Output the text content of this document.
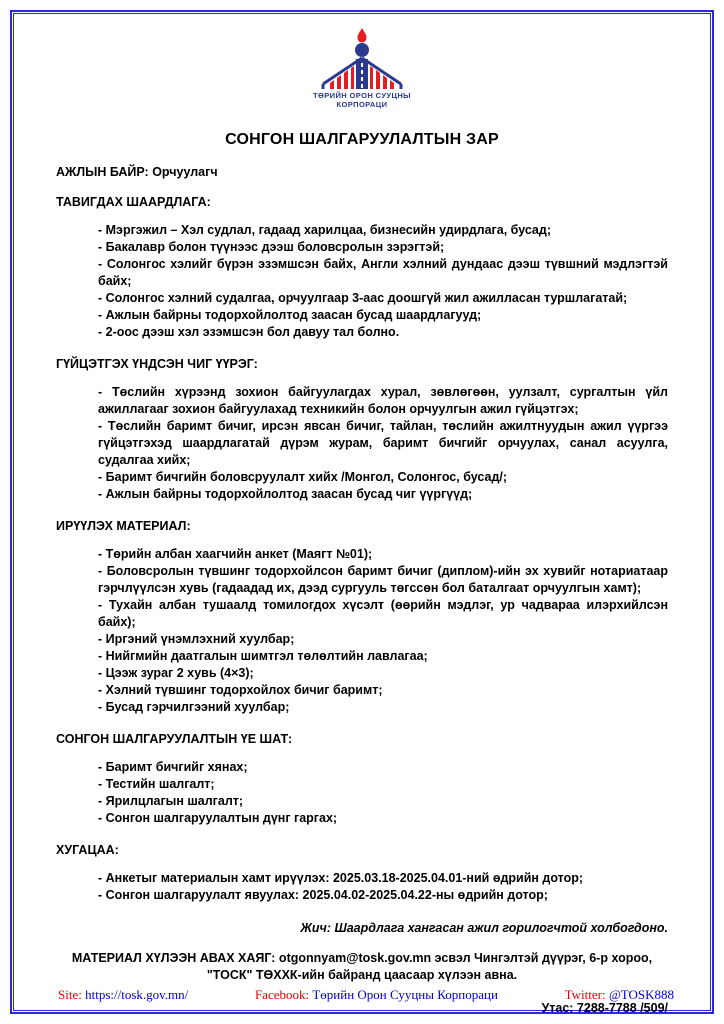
ТӨРИЙН ОРОН СУУЦНЫ
КОРПОРАЦИ
СОНГОН ШАЛГАРУУЛАЛТЫН ЗАР
АЖЛЫН БАЙР: Орчуулагч
ТАВИГДАХ ШААРДЛАГА:

- Мэргэжил – Хэл судлал, гадаад харилцаа, бизнесийн удирдлага, бусад;

- Бакалавр болон түүнээс дээш боловсролын зэрэгтэй;

- Солонгос хэлийг бүрэн эзэмшсэн байх, Англи хэлний дундаас дээш түвшний мэдлэгтэй байх;

- Солонгос хэлний судалгаа, орчуулгаар 3-аас доошгүй жил ажилласан туршлагатай;

- Ажлын байрны тодорхойлолтод заасан бусад шаардлагууд;

- 2-оос дээш хэл эзэмшсэн бол давуу тал болно.

ГҮЙЦЭТГЭХ ҮНДСЭН ЧИГ ҮҮРЭГ:

- Төслийн хүрээнд зохион байгуулагдах хурал, зөвлөгөөн, уулзалт, сургалтын үйл ажиллагааг зохион байгуулахад техникийн болон орчуулгын ажил гүйцэтгэх;

- Төслийн баримт бичиг, ирсэн явсан бичиг, тайлан, төслийн ажилтнуудын ажил үүргээ гүйцэтгэхэд шаардлагатай дүрэм журам, баримт бичгийг орчуулах, санал асуулга, судалгаа хийх;

- Баримт бичгийн боловсруулалт хийх /Монгол, Солонгос, бусад/;

- Ажлын байрны тодорхойлолтод заасан бусад чиг үүргүүд;

ИРҮҮЛЭХ МАТЕРИАЛ:

- Төрийн албан хаагчийн анкет (Маягт №01);

- Боловсролын түвшинг тодорхойлсон баримт бичиг (диплом)-ийн эх хувийг нотариатаар гэрчлүүлсэн хувь (гадаадад их, дээд сургууль төгссөн бол баталгаат орчуулгын хамт);

- Тухайн албан тушаалд томилогдох хүсэлт (өөрийн мэдлэг, ур чадвараа илэрхийлсэн байх);

- Иргэний үнэмлэхний хуулбар;

- Нийгмийн даатгалын шимтгэл төлөлтийн лавлагаа;

- Цээж зураг 2 хувь (4×3);

- Хэлний түвшинг тодорхойлох бичиг баримт;

- Бусад гэрчилгээний хуулбар;

СОНГОН ШАЛГАРУУЛАЛТЫН ҮЕ ШАТ:

- Баримт бичгийг хянах;

- Тестийн шалгалт;

- Ярилцлагын шалгалт;

- Сонгон шалгаруулалтын дүнг гаргах;

ХУГАЦАА:

- Анкетыг материалын хамт ирүүлэх: 2025.03.18-2025.04.01-ний өдрийн дотор;

- Сонгон шалгаруулалт явуулах: 2025.04.02-2025.04.22-ны өдрийн дотор;

Жич: Шаардлага хангасан ажил горилогчтой холбогдоно.
МАТЕРИАЛ ХҮЛЭЭН АВАХ ХАЯГ: otgonnyam@tosk.gov.mn эсвэл Чингэлтэй дүүрэг, 6-р хороо, "ТОСК" ТӨХХК-ийн байранд цаасаар хүлээн авна.
Утас: 7288-7788 /509/
Site: https://tosk.gov.mn/	Facebook: Төрийн Орон Сууцны Корпораци	Twitter: @TOSK888
